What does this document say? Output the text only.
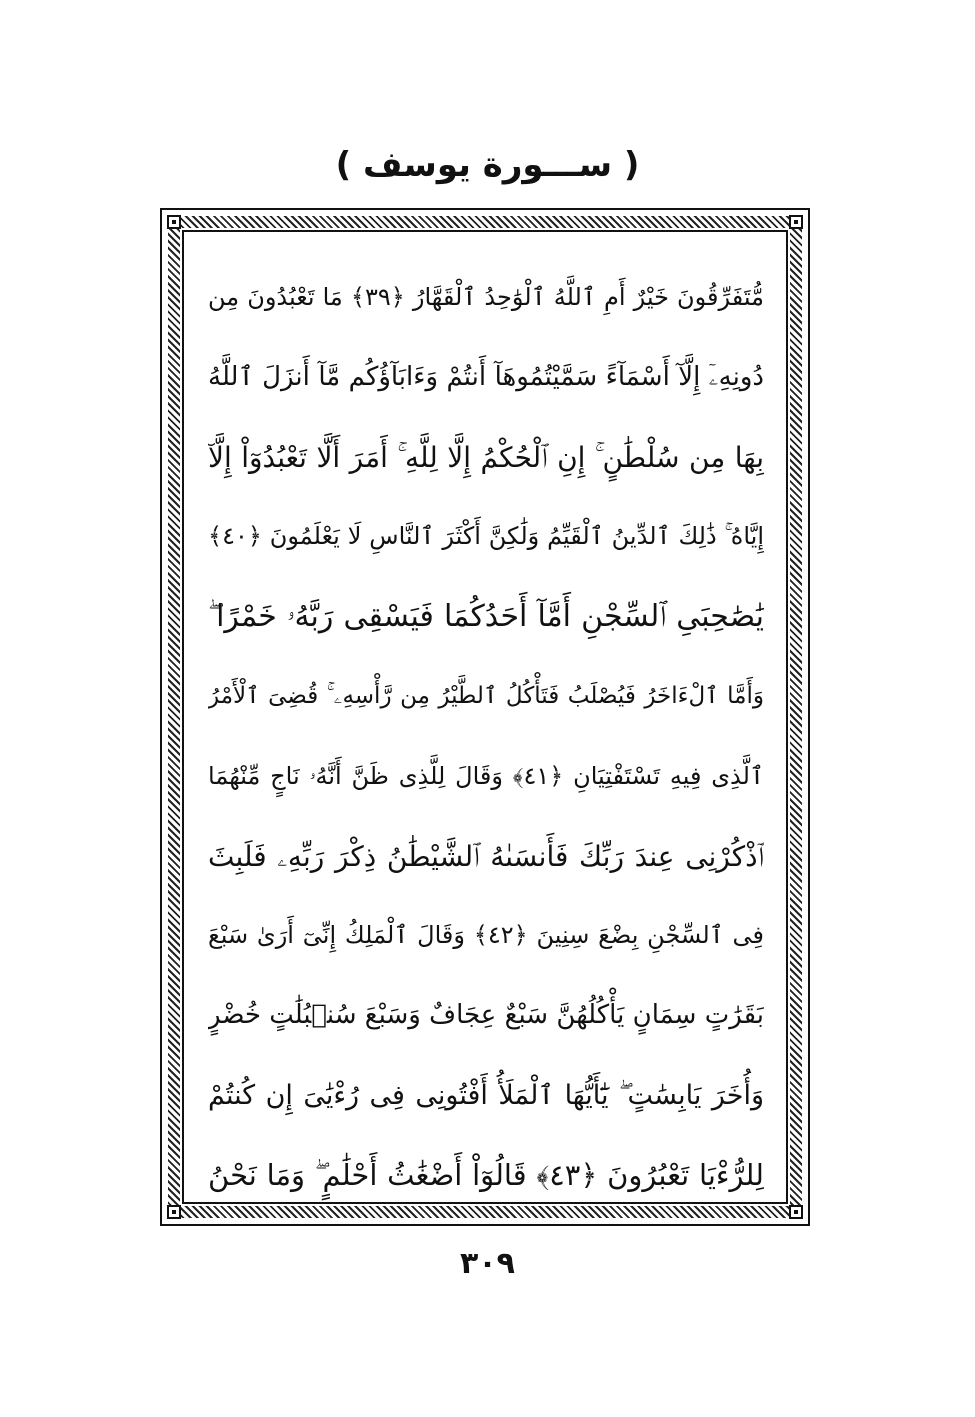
( ســـورة يوسف )
مُّتَفَرِّقُونَ خَيْرٌ أَمِ ٱللَّهُ ٱلْوَٰحِدُ ٱلْقَهَّارُ ﴿٣٩﴾ مَا تَعْبُدُونَ مِن
دُونِهِۦٓ إِلَّآ أَسْمَآءً سَمَّيْتُمُوهَآ أَنتُمْ وَءَابَآؤُكُم مَّآ أَنزَلَ ٱللَّهُ
بِهَا مِن سُلْطَٰنٍ ۚ إِنِ ٱلْحُكْمُ إِلَّا لِلَّهِ ۚ أَمَرَ أَلَّا تَعْبُدُوٓاْ إِلَّآ
إِيَّاهُ ۚ ذَٰلِكَ ٱلدِّينُ ٱلْقَيِّمُ وَلَٰكِنَّ أَكْثَرَ ٱلنَّاسِ لَا يَعْلَمُونَ ﴿٤٠﴾
يَٰصَٰحِبَىِ ٱلسِّجْنِ أَمَّآ أَحَدُكُمَا فَيَسْقِى رَبَّهُۥ خَمْرًا ۖ
وَأَمَّا ٱلْءَاخَرُ فَيُصْلَبُ فَتَأْكُلُ ٱلطَّيْرُ مِن رَّأْسِهِۦ ۚ قُضِىَ ٱلْأَمْرُ
ٱلَّذِى فِيهِ تَسْتَفْتِيَانِ ﴿٤١﴾ وَقَالَ لِلَّذِى ظَنَّ أَنَّهُۥ نَاجٍ مِّنْهُمَا
ٱذْكُرْنِى عِندَ رَبِّكَ فَأَنسَىٰهُ ٱلشَّيْطَٰنُ ذِكْرَ رَبِّهِۦ فَلَبِثَ
فِى ٱلسِّجْنِ بِضْعَ سِنِينَ ﴿٤٢﴾ وَقَالَ ٱلْمَلِكُ إِنِّىٓ أَرَىٰ سَبْعَ
بَقَرَٰتٍ سِمَانٍ يَأْكُلُهُنَّ سَبْعٌ عِجَافٌ وَسَبْعَ سُنۢبُلَٰتٍ خُضْرٍ
وَأُخَرَ يَابِسَٰتٍ ۖ يَٰٓأَيُّهَا ٱلْمَلَأُ أَفْتُونِى فِى رُءْيَٰىَ إِن كُنتُمْ
لِلرُّءْيَا تَعْبُرُونَ ﴿٤٣﴾ قَالُوٓاْ أَضْغَٰثُ أَحْلَٰمٍ ۖ وَمَا نَحْنُ
٣٠٩
